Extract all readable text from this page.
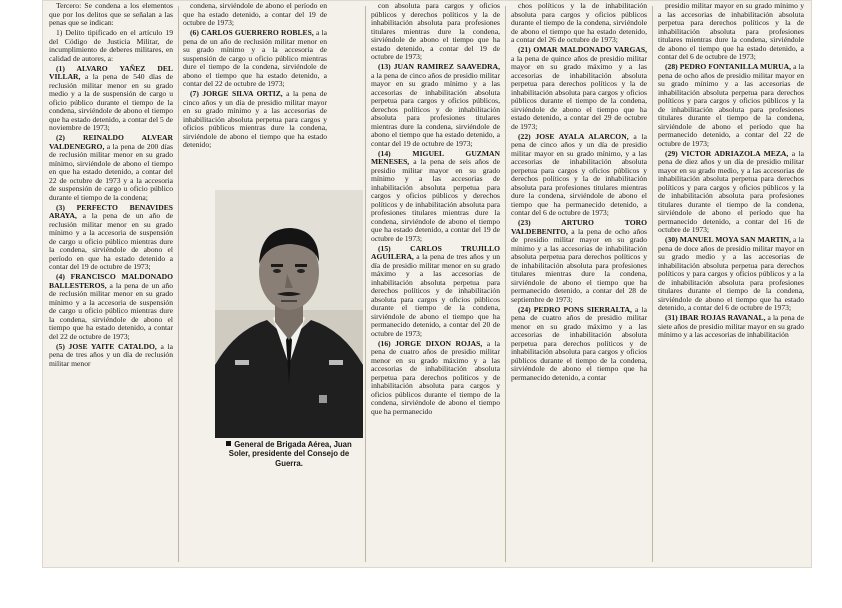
Tercero: Se condena a los elementos que por los delitos que se señalan a las penas que se indican:

1) Delito tipificado en el artículo 19 del Código de Justicia Militar, de incumplimiento de deberes militares, en calidad de autores, a:

(1) ALVARO YAÑEZ DEL VILLAR, a la pena de 540 días de reclusión militar menor en su grado medio y a la de suspensión de cargo u oficio público durante el tiempo de la condena, sirviéndole de abono el tiempo que ha estado detenido, a contar del 5 de noviembre de 1973;

(2) REINALDO ALVEAR VALDENEGRO, a la pena de 200 días de reclusión militar menor en su grado mínimo, sirviéndole de abono el tiempo en que ha estado detenido, a contar del 22 de octubre de 1973 y a la accesoria de suspensión de cargo u oficio público durante el tiempo de la condena;

(3) PERFECTO BENAVIDES ARAYA, a la pena de un año de reclusión militar menor en su grado mínimo y a la accesoria de suspensión de cargo u oficio público mientras dure la condena, sirviéndole de abono el período en que ha estado detenido a contar del 19 de octubre de 1973;

(4) FRANCISCO MALDONADO BALLESTEROS, a la pena de un año de reclusión militar menor en su grado mínimo y a la accesoria de suspensión de cargo u oficio público mientras dure la condena, sirviéndole de abono el tiempo que ha estado detenido, a contar del 22 de octubre de 1973;

(5) JOSE YAITE CATALDO, a la pena de tres años y un día de reclusión militar menor

condena, sirviéndole de abono el período en que ha estado detenido, a contar del 19 de octubre de 1973;

(6) CARLOS GUERRERO ROBLES, a la pena de un año de reclusión militar menor en su grado mínimo y a la accesoria de suspensión de cargo u oficio público mientras dure el tiempo de la condena, sirviéndole de abono el tiempo que ha estado detenido, a contar del 22 de octubre de 1973;

(7) JORGE SILVA ORTIZ, a la pena de cinco años y un día de presidio militar mayor en su grado mínimo y a las accesorias de inhabilitación absoluta perpetua para cargos y oficios públicos mientras dure la condena, sirviéndole de abono el tiempo que ha estado detenido;

General de Brigada Aérea, Juan Soler, presidente del Consejo de Guerra.

con absoluta para cargos y oficios públicos y derechos políticos y la de inhabilitación absoluta para profesiones titulares mientras dure la condena, sirviéndole de abono el tiempo que ha estado detenido, a contar del 19 de octubre de 1973;

(13) JUAN RAMIREZ SAAVEDRA, a la pena de cinco años de presidio militar mayor en su grado mínimo y a las accesorias de inhabilitación absoluta perpetua para cargos y oficios públicos, derechos políticos y de inhabilitación absoluta para profesiones titulares mientras dure la condena, sirviéndole de abono el tiempo que ha estado detenido, a contar del 19 de octubre de 1973;

(14) MIGUEL GUZMAN MENESES, a la pena de seis años de presidio militar mayor en su grado mínimo y a las accesorias de inhabilitación absoluta perpetua para cargos y oficios públicos y derechos políticos y de inhabilitación absoluta para profesiones titulares mientras dure la condena, sirviéndole de abono el tiempo que ha estado detenido, a contar del 19 de octubre de 1973;

(15) CARLOS TRUJILLO AGUILERA, a la pena de tres años y un día de presidio militar menor en su grado máximo y a las accesorias de inhabilitación absoluta perpetua para derechos políticos y de inhabilitación absoluta para cargos y oficios públicos durante el tiempo de la condena, sirviéndole de abono el tiempo que ha permanecido detenido, a contar del 20 de octubre de 1973;

(16) JORGE DIXON ROJAS, a la pena de cuatro años de presidio militar menor en su grado máximo y a las accesorias de inhabilitación absoluta perpetua para derechos políticos y de inhabilitación absoluta para cargos y oficios públicos durante el tiempo de la condena, sirviéndole de abono el tiempo que ha permanecido

chos políticos y la de inhabilitación absoluta para cargos y oficios públicos durante el tiempo de la condena, sirviéndole de abono el tiempo que ha estado detenido, a contar del 26 de octubre de 1973;

(21) OMAR MALDONADO VARGAS, a la pena de quince años de presidio militar mayor en su grado máximo y a las accesorias de inhabilitación absoluta perpetua para derechos políticos y la de inhabilitación absoluta para cargos y oficios públicos durante el tiempo de la condena, sirviéndole de abono el tiempo que ha estado detenido, a contar del 29 de octubre de 1973;

(22) JOSE AYALA ALARCON, a la pena de cinco años y un día de presidio militar mayor en su grado mínimo, y a las accesorias de inhabilitación absoluta perpetua para cargos y oficios públicos y derechos políticos y la de inhabilitación absoluta para profesiones titulares mientras dure la condena, sirviéndole de abono el tiempo que ha permanecido detenido, a contar del 6 de octubre de 1973;

(23) ARTURO TORO VALDEBENITO, a la pena de ocho años de presidio militar mayor en su grado mínimo y a las accesorias de inhabilitación absoluta perpetua para derechos políticos y de inhabilitación absoluta para profesiones titulares mientras dure la condena, sirviéndole de abono el tiempo que ha permanecido detenido, a contar del 28 de septiembre de 1973;

(24) PEDRO PONS SIERRALTA, a la pena de cuatro años de presidio militar menor en su grado máximo y a las accesorias de inhabilitación absoluta perpetua para derechos políticos y de inhabilitación absoluta para cargos y oficios públicos durante el tiempo de la condena, sirviéndole de abono el tiempo que ha permanecido detenido, a contar

presidio militar mayor en su grado mínimo y a las accesorias de inhabilitación absoluta perpetua para derechos políticos y la de inhabilitación absoluta para profesiones titulares mientras dure la condena, sirviéndole de abono el tiempo que ha estado detenido, a contar del 6 de octubre de 1973;

(28) PEDRO FONTANILLA MURUA, a la pena de ocho años de presidio militar mayor en su grado mínimo y a las accesorias de inhabilitación absoluta perpetua para derechos políticos y para cargos y oficios públicos y la de inhabilitación absoluta para profesiones titulares durante el tiempo de la condena, sirviéndole de abono el período que ha permanecido detenido, a contar del 22 de octubre de 1973;

(29) VICTOR ADRIAZOLA MEZA, a la pena de diez años y un día de presidio militar mayor en su grado medio, y a las accesorias de inhabilitación absoluta perpetua para derechos políticos y para cargos y oficios públicos y la de inhabilitación absoluta para profesiones titulares durante el tiempo de la condena, sirviéndole de abono el período que ha permanecido detenido, a contar del 16 de octubre de 1973;

(30) MANUEL MOYA SAN MARTIN, a la pena de doce años de presidio militar mayor en su grado medio y a las accesorias de inhabilitación absoluta perpetua para derechos políticos y para cargos y oficios públicos y a la de inhabilitación absoluta para profesiones titulares durante el tiempo de la condena, sirviéndole de abono el tiempo que ha estado detenido, a contar del 6 de octubre de 1973;

(31) IBAR ROJAS RAVANAL, a la pena de siete años de presidio militar mayor en su grado mínimo y a las accesorias de inhabilitación
